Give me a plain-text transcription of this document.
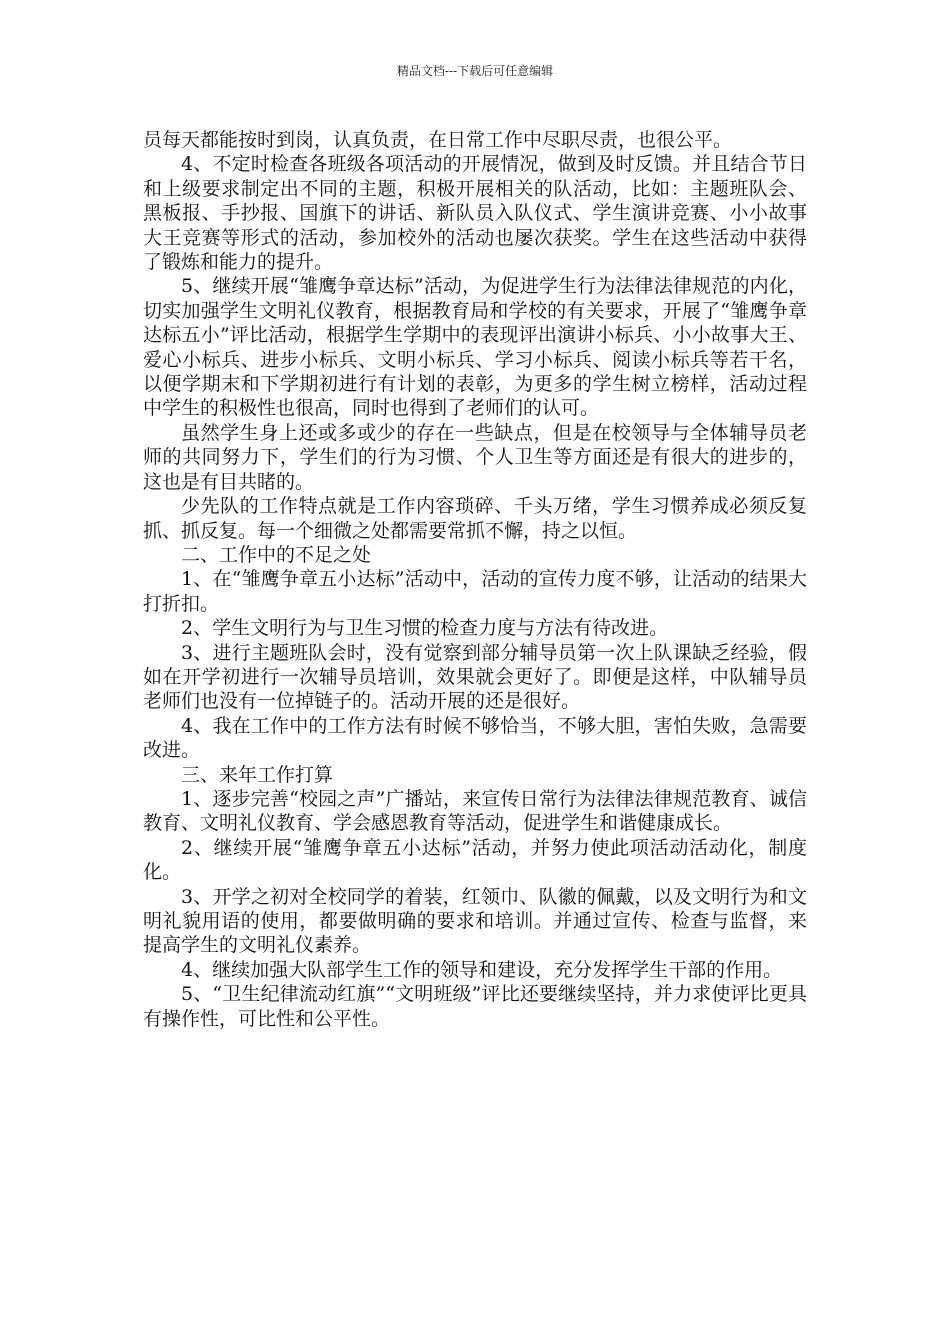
精品文档---下载后可任意编辑

员每天都能按时到岗，认真负责，在日常工作中尽职尽责，也很公平。

4、不定时检查各班级各项活动的开展情况，做到及时反馈。并且结合节日和上级要求制定出不同的主题，积极开展相关的队活动，比如：主题班队会、黑板报、手抄报、国旗下的讲话、新队员入队仪式、学生演讲竞赛、小小故事大王竞赛等形式的活动，参加校外的活动也屡次获奖。学生在这些活动中获得了锻炼和能力的提升。

5、继续开展“雏鹰争章达标”活动，为促进学生行为法律法律规范的内化，切实加强学生文明礼仪教育，根据教育局和学校的有关要求，开展了“雏鹰争章达标五小”评比活动，根据学生学期中的表现评出演讲小标兵、小小故事大王、爱心小标兵、进步小标兵、文明小标兵、学习小标兵、阅读小标兵等若干名，以便学期末和下学期初进行有计划的表彰，为更多的学生树立榜样，活动过程中学生的积极性也很高，同时也得到了老师们的认可。

虽然学生身上还或多或少的存在一些缺点，但是在校领导与全体辅导员老师的共同努力下，学生们的行为习惯、个人卫生等方面还是有很大的进步的，这也是有目共睹的。

少先队的工作特点就是工作内容琐碎、千头万绪，学生习惯养成必须反复抓、抓反复。每一个细微之处都需要常抓不懈，持之以恒。

二、工作中的不足之处

1、在“雏鹰争章五小达标”活动中，活动的宣传力度不够，让活动的结果大打折扣。

2、学生文明行为与卫生习惯的检查力度与方法有待改进。

3、进行主题班队会时，没有觉察到部分辅导员第一次上队课缺乏经验，假如在开学初进行一次辅导员培训，效果就会更好了。即便是这样，中队辅导员老师们也没有一位掉链子的。活动开展的还是很好。

4、我在工作中的工作方法有时候不够恰当，不够大胆，害怕失败，急需要改进。

三、来年工作打算

1、逐步完善“校园之声”广播站，来宣传日常行为法律法律规范教育、诚信教育、文明礼仪教育、学会感恩教育等活动，促进学生和谐健康成长。

2、继续开展“雏鹰争章五小达标”活动，并努力使此项活动活动化，制度化。

3、开学之初对全校同学的着装，红领巾、队徽的佩戴，以及文明行为和文明礼貌用语的使用，都要做明确的要求和培训。并通过宣传、检查与监督，来提高学生的文明礼仪素养。

4、继续加强大队部学生工作的领导和建设，充分发挥学生干部的作用。

5、“卫生纪律流动红旗”“文明班级”评比还要继续坚持，并力求使评比更具有操作性，可比性和公平性。
